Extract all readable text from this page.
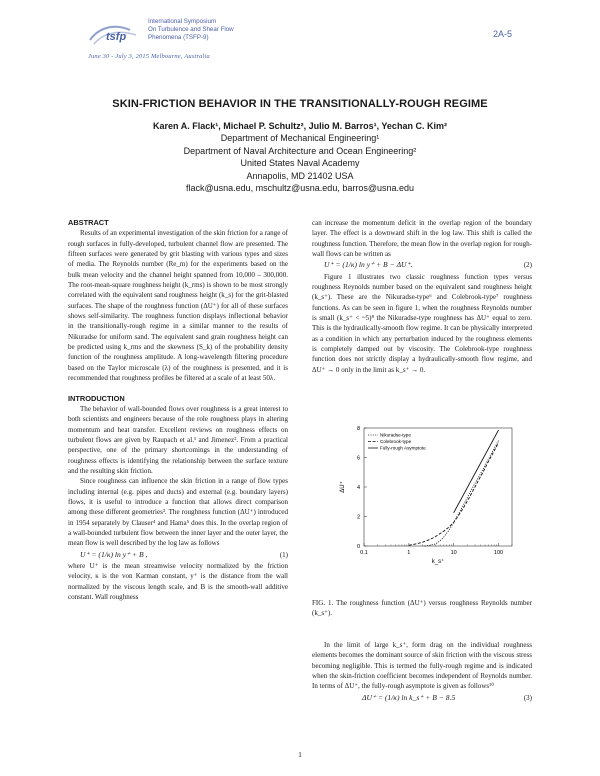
tsfp
International Symposium
On Turbulence and Shear Flow
Phenomena (TSFP-9)
June 30 - July 3, 2015 Melbourne, Australia
2A-5
SKIN-FRICTION BEHAVIOR IN THE TRANSITIONALLY-ROUGH REGIME
Karen A. Flack¹, Michael P. Schultz², Julio M. Barros¹, Yechan C. Kim²
Department of Mechanical Engineering¹
Department of Naval Architecture and Ocean Engineering²
United States Naval Academy
Annapolis, MD 21402 USA
flack@usna.edu, mschultz@usna.edu, barros@usna.edu
ABSTRACT

Results of an experimental investigation of the skin friction for a range of rough surfaces in fully-developed, turbulent channel flow are presented. The fifteen surfaces were generated by grit blasting with various types and sizes of media. The Reynolds number (Re_m) for the experiments based on the bulk mean velocity and the channel height spanned from 10,000 – 300,000. The root-mean-square roughness height (k_rms) is shown to be most strongly correlated with the equivalent sand roughness height (k_s) for the grit-blasted surfaces. The shape of the roughness function (ΔU⁺) for all of these surfaces shows self-similarity. The roughness function displays inflectional behavior in the transitionally-rough regime in a similar manner to the results of Nikuradse for uniform sand. The equivalent sand grain roughness height can be predicted using k_rms and the skewness (S_k) of the probability density function of the roughness amplitude. A long-wavelength filtering procedure based on the Taylor microscale (λ) of the roughness is presented, and it is recommended that roughness profiles be filtered at a scale of at least 50λ.

INTRODUCTION

The behavior of wall-bounded flows over roughness is a great interest to both scientists and engineers because of the role roughness plays in altering momentum and heat transfer. Excellent reviews on roughness effects on turbulent flows are given by Raupach et al.¹ and Jimenez². From a practical perspective, one of the primary shortcomings in the understanding of roughness effects is identifying the relationship between the surface texture and the resulting skin friction.

Since roughness can influence the skin friction in a range of flow types including internal (e.g. pipes and ducts) and external (e.g. boundary layers) flows, it is useful to introduce a function that allows direct comparison among these different geometries³. The roughness function (ΔU⁺) introduced in 1954 separately by Clauser⁴ and Hama⁵ does this. In the overlap region of a wall-bounded turbulent flow between the inner layer and the outer layer, the mean flow is well described by the log law as follows

U⁺ = (1/κ) ln y⁺ + B ,	(1)

where U⁺ is the mean streamwise velocity normalized by the friction velocity, κ is the von Karman constant, y⁺ is the distance from the wall normalized by the viscous length scale, and B is the smooth-wall additive constant. Wall roughness

can increase the momentum deficit in the overlap region of the boundary layer. The effect is a downward shift in the log law. This shift is called the roughness function. Therefore, the mean flow in the overlap region for rough-wall flows can be written as

U⁺ = (1/κ) ln y⁺ + B − ΔU⁺.	(2)

Figure 1 illustrates two classic roughness function types versus roughness Reynolds number based on the equivalent sand roughness height (k_s⁺). These are the Nikuradse-type⁶ and Colebrook-type⁷ roughness functions. As can be seen in figure 1, when the roughness Reynolds number is small (k_s⁺ < ~5)⁸ the Nikuradse-type roughness has ΔU⁺ equal to zero. This is the hydraulically-smooth flow regime. It can be physically interpreted as a condition in which any perturbation induced by the roughness elements is completely damped out by viscosity. The Colebrook-type roughness function does not strictly display a hydraulically-smooth flow regime, and ΔU⁺ → 0 only in the limit as k_s⁺ → 0.

0.1	1	10	100
0
2
4
6
8
Nikuradse-type
Colebrook-type
Fully-rough Asymptote
k_s⁺
ΔU⁺
FIG. 1. The roughness function (ΔU⁺) versus roughness Reynolds number (k_s⁺).

In the limit of large k_s⁺, form drag on the individual roughness elements becomes the dominant source of skin friction with the viscous stress becoming negligible. This is termed the fully-rough regime and is indicated when the skin-friction coefficient becomes independent of Reynolds number. In terms of ΔU⁺, the fully-rough asymptote is given as follows¹⁰

ΔU⁺ = (1/κ) ln k_s⁺ + B − 8.5	(3)
1
